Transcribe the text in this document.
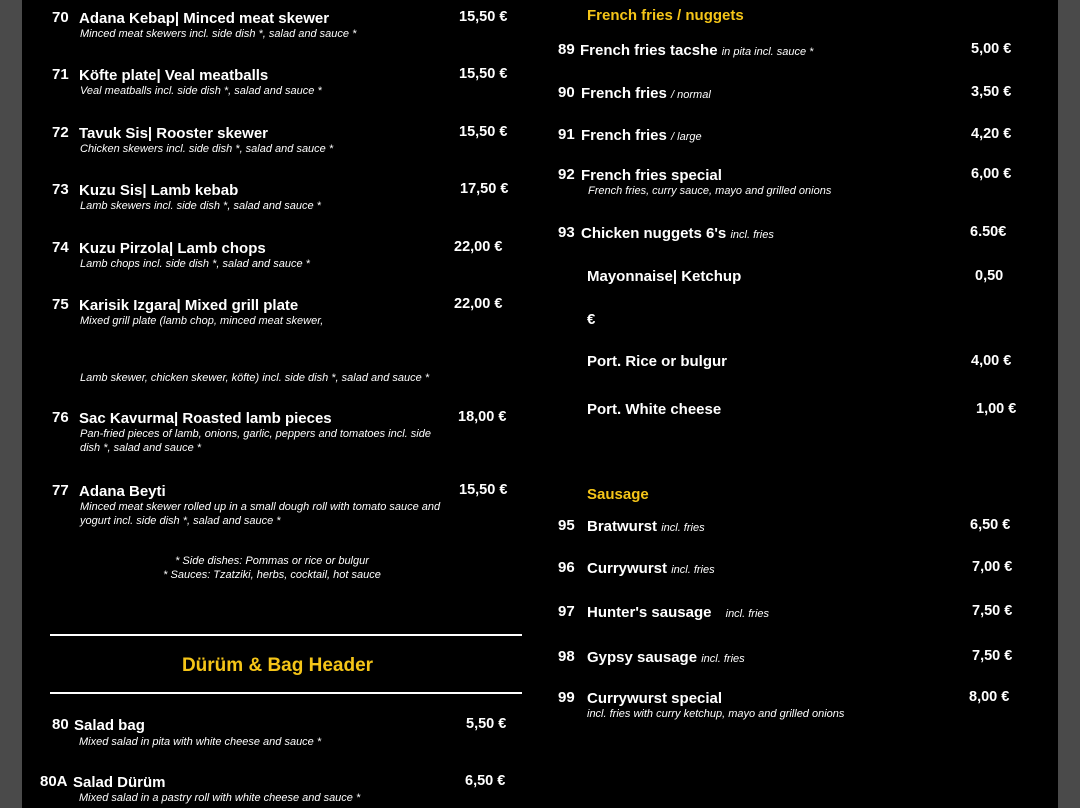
70 Adana Kebap| Minced meat skewer	15,50 €
Minced meat skewers incl. side dish *, salad and sauce *
71 Köfte plate| Veal meatballs	15,50 €
Veal meatballs incl. side dish *, salad and sauce *
72 Tavuk Sis| Rooster skewer	15,50 €
Chicken skewers incl. side dish *, salad and sauce *
73 Kuzu Sis| Lamb kebab	17,50 €
Lamb skewers incl. side dish *, salad and sauce *
74 Kuzu Pirzola| Lamb chops	22,00 €
Lamb chops incl. side dish *, salad and sauce *
75 Karisik Izgara| Mixed grill plate	22,00 €
Mixed grill plate (lamb chop, minced meat skewer,
Lamb skewer, chicken skewer, köfte) incl. side dish *, salad and sauce *
76 Sac Kavurma| Roasted lamb pieces	18,00 €
Pan-fried pieces of lamb, onions, garlic, peppers and tomatoes incl. side dish *, salad and sauce *
77 Adana Beyti	15,50 €
Minced meat skewer rolled up in a small dough roll with tomato sauce and yogurt incl. side dish *, salad and sauce *
* Side dishes: Pommas or rice or bulgur
* Sauces: Tzatziki, herbs, cocktail, hot sauce
Dürüm & Bag Header
80 Salad bag	5,50 €
Mixed salad in pita with white cheese and sauce *
80A Salad Dürüm	6,50 €
Mixed salad in a pastry roll with white cheese and sauce *
French fries / nuggets
89 French fries tacshe in pita incl. sauce *	5,00 €
90 French fries / normal	3,50 €
91 French fries / large	4,20 €
92 French fries special	6,00 €
French fries, curry sauce, mayo and grilled onions
93 Chicken nuggets 6's incl. fries	6.50€
Mayonnaise| Ketchup	0,50
€
Port. Rice or bulgur	4,00 €
Port. White cheese	1,00 €
Sausage
95 Bratwurst incl. fries	6,50 €
96 Currywurst incl. fries	7,00 €
97 Hunter's sausage incl. fries	7,50 €
98 Gypsy sausage incl. fries	7,50 €
99 Currywurst special	8,00 €
incl. fries with curry ketchup, mayo and grilled onions
